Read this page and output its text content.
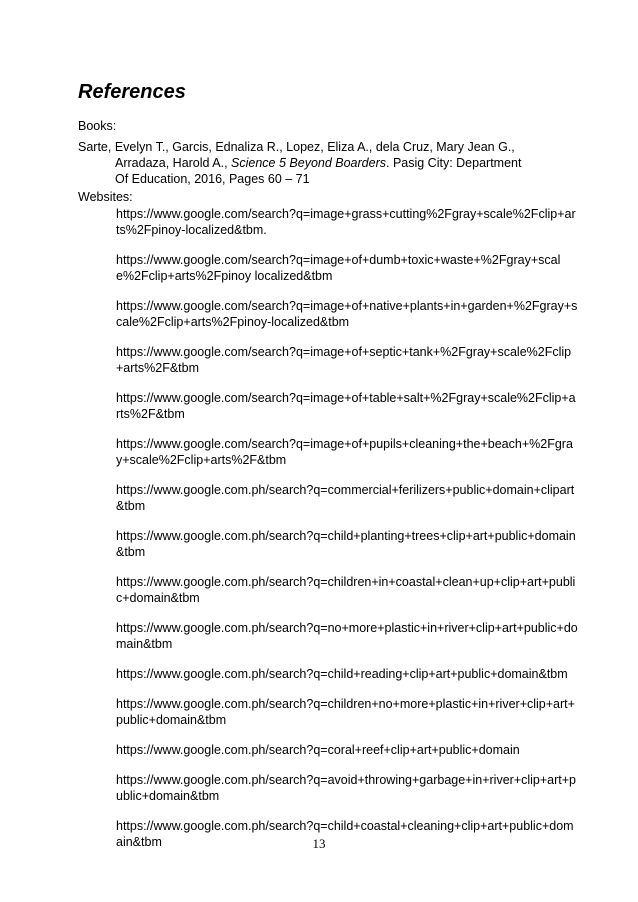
References
Books:
Sarte, Evelyn T., Garcis, Ednaliza R., Lopez, Eliza A., dela Cruz, Mary Jean G.,
Arradaza, Harold A., Science 5 Beyond Boarders. Pasig City: Department
Of Education, 2016, Pages 60 – 71
Websites:
https://www.google.com/search?q=image+grass+cutting%2Fgray+scale%2Fclip+arts%2Fpinoy-localized&tbm.
https://www.google.com/search?q=image+of+dumb+toxic+waste+%2Fgray+scale%2Fclip+arts%2Fpinoy localized&tbm
https://www.google.com/search?q=image+of+native+plants+in+garden+%2Fgray+scale%2Fclip+arts%2Fpinoy-localized&tbm
https://www.google.com/search?q=image+of+septic+tank+%2Fgray+scale%2Fclip+arts%2F&tbm
https://www.google.com/search?q=image+of+table+salt+%2Fgray+scale%2Fclip+arts%2F&tbm
https://www.google.com/search?q=image+of+pupils+cleaning+the+beach+%2Fgray+scale%2Fclip+arts%2F&tbm
https://www.google.com.ph/search?q=commercial+ferilizers+public+domain+clipart&tbm
https://www.google.com.ph/search?q=child+planting+trees+clip+art+public+domain&tbm
https://www.google.com.ph/search?q=children+in+coastal+clean+up+clip+art+public+domain&tbm
https://www.google.com.ph/search?q=no+more+plastic+in+river+clip+art+public+domain&tbm
https://www.google.com.ph/search?q=child+reading+clip+art+public+domain&tbm
https://www.google.com.ph/search?q=children+no+more+plastic+in+river+clip+art+public+domain&tbm
https://www.google.com.ph/search?q=coral+reef+clip+art+public+domain
https://www.google.com.ph/search?q=avoid+throwing+garbage+in+river+clip+art+public+domain&tbm
https://www.google.com.ph/search?q=child+coastal+cleaning+clip+art+public+domain&tbm	13
